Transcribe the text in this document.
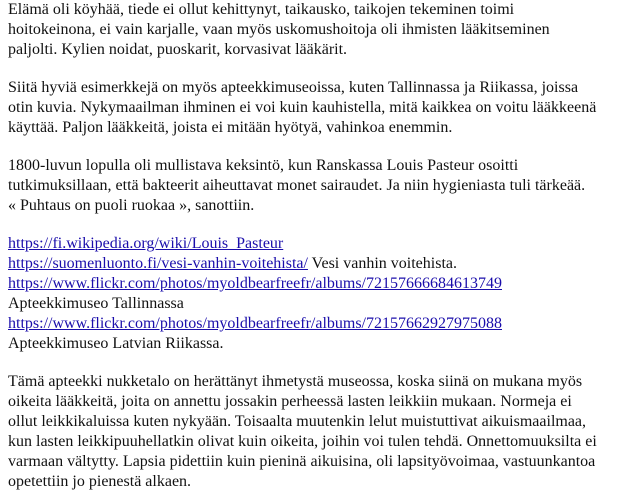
Elämä oli köyhää, tiede ei ollut kehittynyt, taikausko, taikojen tekeminen toimi
hoitokeinona, ei vain karjalle, vaan myös uskomushoitoja oli ihmisten lääkitseminen
paljolti. Kylien noidat, puoskarit, korvasivat lääkärit.

Siitä hyviä esimerkkejä on myös apteekkimuseoissa, kuten Tallinnassa ja Riikassa, joissa
otin kuvia. Nykymaailman ihminen ei voi kuin kauhistella, mitä kaikkea on voitu lääkkeenä
käyttää. Paljon lääkkeitä, joista ei mitään hyötyä, vahinkoa enemmin.

1800-luvun lopulla oli mullistava keksintö, kun Ranskassa Louis Pasteur osoitti
tutkimuksillaan, että bakteerit aiheuttavat monet sairaudet. Ja niin hygieniasta tuli tärkeää.
« Puhtaus on puoli ruokaa », sanottiin.

https://fi.wikipedia.org/wiki/Louis_Pasteur
https://suomenluonto.fi/vesi-vanhin-voitehista/ Vesi vanhin voitehista.
https://www.flickr.com/photos/myoldbearfreefr/albums/72157666684613749
Apteekkimuseo Tallinnassa
https://www.flickr.com/photos/myoldbearfreefr/albums/72157662927975088
Apteekkimuseo Latvian Riikassa.

Tämä apteekki nukketalo on herättänyt ihmetystä museossa, koska siinä on mukana myös
oikeita lääkkeitä, joita on annettu jossakin perheessä lasten leikkiin mukaan. Normeja ei
ollut leikkikaluissa kuten nykyään. Toisaalta muutenkin lelut muistuttivat aikuismaailmaa,
kun lasten leikkipuuhellatkin olivat kuin oikeita, joihin voi tulen tehdä. Onnettomuuksilta ei
varmaan vältytty. Lapsia pidettiin kuin pieninä aikuisina, oli lapsityövoimaa, vastuunkantoa
opetettiin jo pienestä alkaen.
